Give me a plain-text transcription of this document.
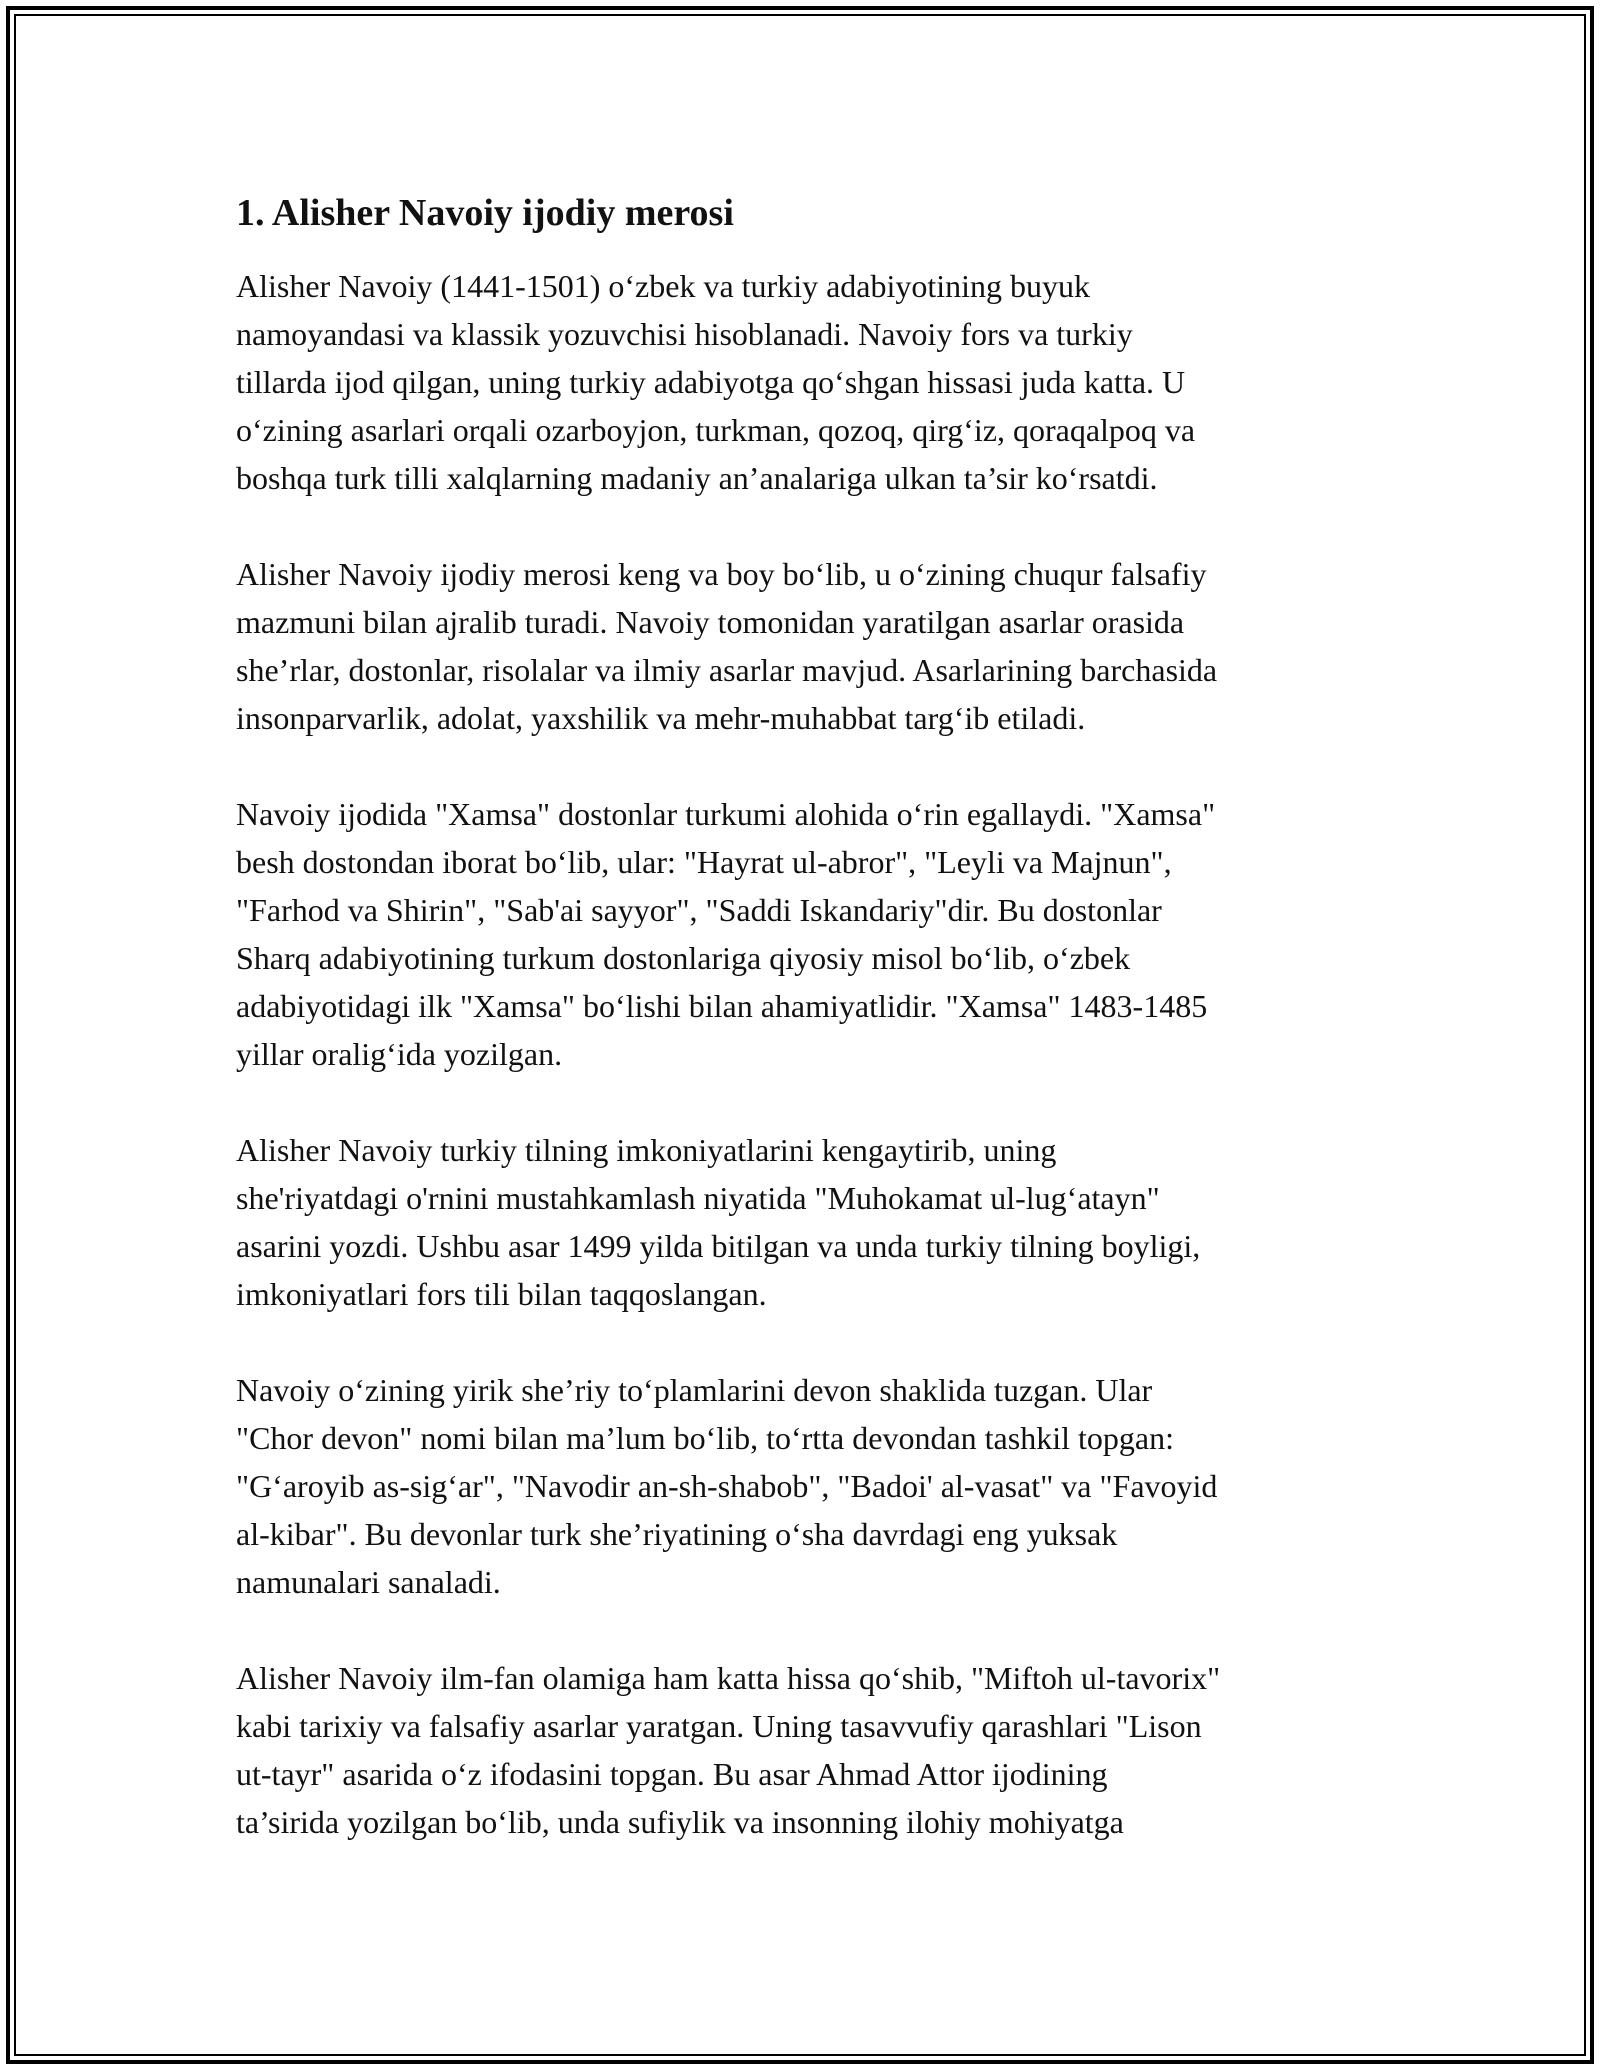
1. Alisher Navoiy ijodiy merosi

Alisher Navoiy (1441-1501) o‘zbek va turkiy adabiyotining buyuk
namoyandasi va klassik yozuvchisi hisoblanadi. Navoiy fors va turkiy
tillarda ijod qilgan, uning turkiy adabiyotga qo‘shgan hissasi juda katta. U
o‘zining asarlari orqali ozarboyjon, turkman, qozoq, qirg‘iz, qoraqalpoq va
boshqa turk tilli xalqlarning madaniy an’analariga ulkan ta’sir ko‘rsatdi.

Alisher Navoiy ijodiy merosi keng va boy bo‘lib, u o‘zining chuqur falsafiy
mazmuni bilan ajralib turadi. Navoiy tomonidan yaratilgan asarlar orasida
she’rlar, dostonlar, risolalar va ilmiy asarlar mavjud. Asarlarining barchasida
insonparvarlik, adolat, yaxshilik va mehr-muhabbat targ‘ib etiladi.

Navoiy ijodida "Xamsa" dostonlar turkumi alohida o‘rin egallaydi. "Xamsa"
besh dostondan iborat bo‘lib, ular: "Hayrat ul-abror", "Leyli va Majnun",
"Farhod va Shirin", "Sab'ai sayyor", "Saddi Iskandariy"dir. Bu dostonlar
Sharq adabiyotining turkum dostonlariga qiyosiy misol bo‘lib, o‘zbek
adabiyotidagi ilk "Xamsa" bo‘lishi bilan ahamiyatlidir. "Xamsa" 1483-1485
yillar oralig‘ida yozilgan.

Alisher Navoiy turkiy tilning imkoniyatlarini kengaytirib, uning
she'riyatdagi o'rnini mustahkamlash niyatida "Muhokamat ul-lug‘atayn"
asarini yozdi. Ushbu asar 1499 yilda bitilgan va unda turkiy tilning boyligi,
imkoniyatlari fors tili bilan taqqoslangan.

Navoiy o‘zining yirik she’riy to‘plamlarini devon shaklida tuzgan. Ular
"Chor devon" nomi bilan ma’lum bo‘lib, to‘rtta devondan tashkil topgan:
"G‘aroyib as-sig‘ar", "Navodir an-sh-shabob", "Badoi' al-vasat" va "Favoyid
al-kibar". Bu devonlar turk she’riyatining o‘sha davrdagi eng yuksak
namunalari sanaladi.

Alisher Navoiy ilm-fan olamiga ham katta hissa qo‘shib, "Miftoh ul-tavorix"
kabi tarixiy va falsafiy asarlar yaratgan. Uning tasavvufiy qarashlari "Lison
ut-tayr" asarida o‘z ifodasini topgan. Bu asar Ahmad Attor ijodining
ta’sirida yozilgan bo‘lib, unda sufiylik va insonning ilohiy mohiyatga
